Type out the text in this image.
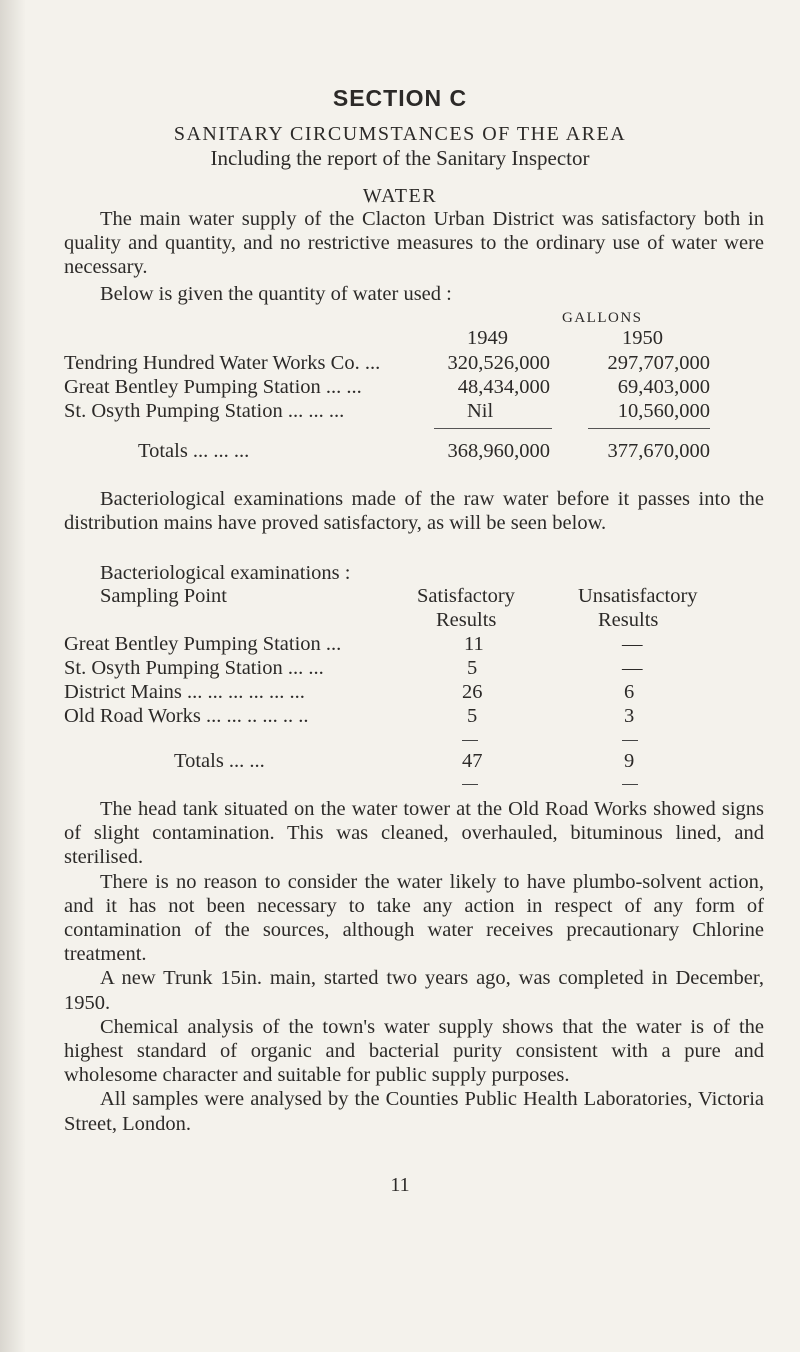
SECTION C
SANITARY CIRCUMSTANCES OF THE AREA
Including the report of the Sanitary Inspector
WATER

The main water supply of the Clacton Urban District was satisfactory both in quality and quantity, and no restrictive measures to the ordinary use of water were necessary.

Below is given the quantity of water used :
GALLONS
1949	1950
Tendring Hundred Water Works Co. ...	320,526,000	297,707,000
Great Bentley Pumping Station ... ...	48,434,000	69,403,000
St. Osyth Pumping Station ... ... ...	Nil	10,560,000
Totals ... ... ...	368,960,000	377,670,000

Bacteriological examinations made of the raw water before it passes into the distribution mains have proved satisfactory, as will be seen below.

Bacteriological examinations :
Sampling Point	Satisfactory	Unsatisfactory
Results	Results
Great Bentley Pumping Station ...	11	—
St. Osyth Pumping Station ... ...	5	—
District Mains ... ... ... ... ... ...	26	6
Old Road Works ... ... .. ... .. ..	5	3
Totals ... ...	47	9

The head tank situated on the water tower at the Old Road Works showed signs of slight contamination. This was cleaned, overhauled, bituminous lined, and sterilised.

There is no reason to consider the water likely to have plumbo-solvent action, and it has not been necessary to take any action in respect of any form of contamination of the sources, although water receives precautionary Chlorine treatment.

A new Trunk 15in. main, started two years ago, was completed in December, 1950.

Chemical analysis of the town's water supply shows that the water is of the highest standard of organic and bacterial purity consistent with a pure and wholesome character and suitable for public supply purposes.

All samples were analysed by the Counties Public Health Laboratories, Victoria Street, London.

11
